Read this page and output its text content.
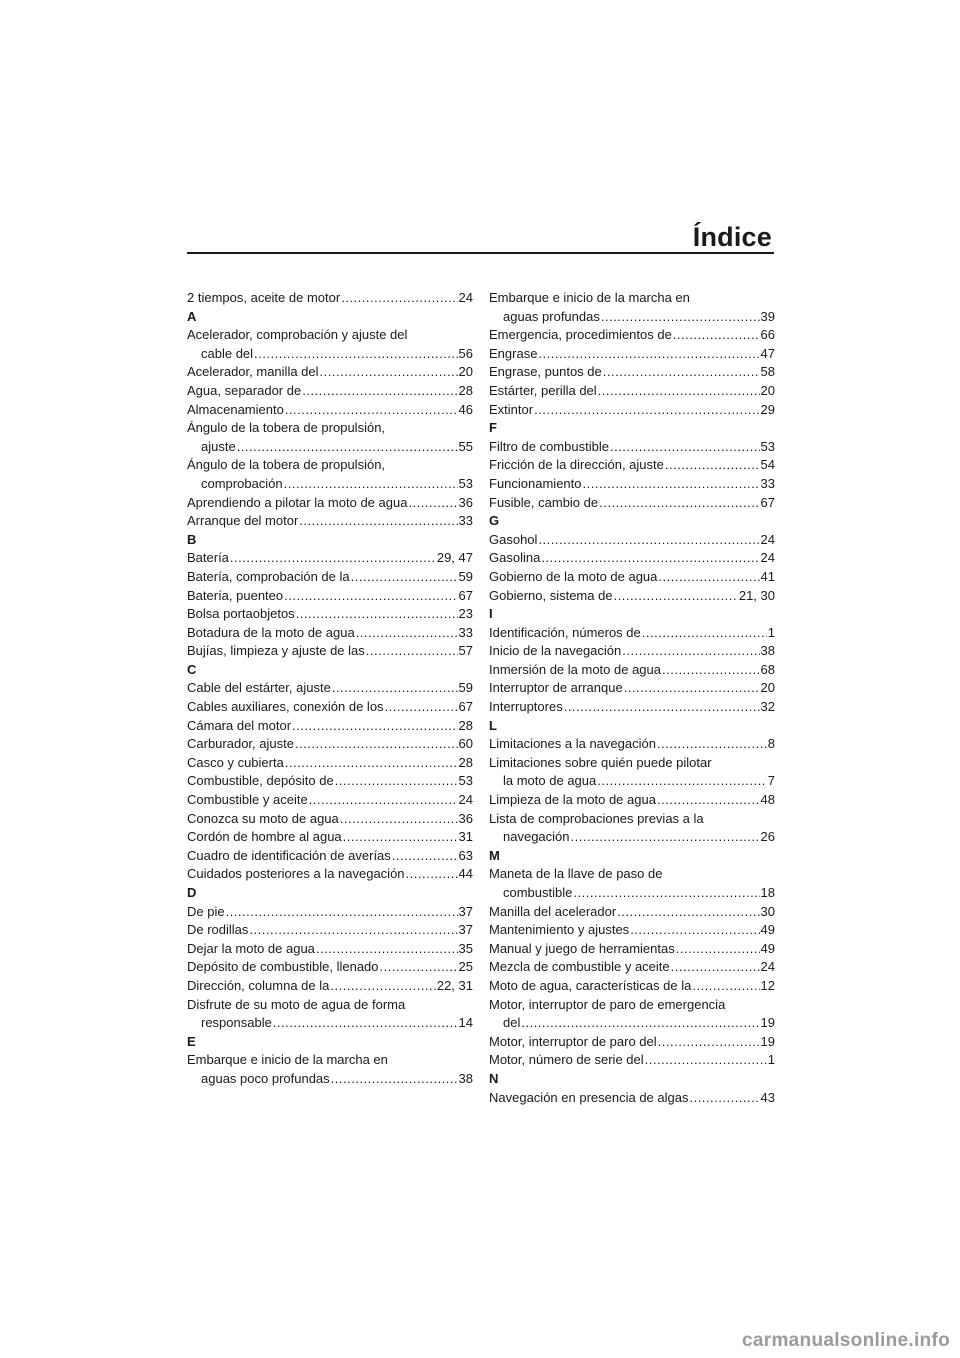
Índice
2 tiempos, aceite de motor .....	24
A
Acelerador, comprobación y ajuste del
cable del .....	56
Acelerador, manilla del .....	20
Agua, separador de .....	28
Almacenamiento .....	46
Ángulo de la tobera de propulsión,
ajuste .....	55
Ángulo de la tobera de propulsión,
comprobación .....	53
Aprendiendo a pilotar la moto de agua .....	36
Arranque del motor .....	33
B
Batería .....	29, 47
Batería, comprobación de la .....	59
Batería, puenteo .....	67
Bolsa portaobjetos .....	23
Botadura de la moto de agua .....	33
Bujías, limpieza y ajuste de las .....	57
C
Cable del estárter, ajuste .....	59
Cables auxiliares, conexión de los .....	67
Cámara del motor .....	28
Carburador, ajuste .....	60
Casco y cubierta .....	28
Combustible, depósito de .....	53
Combustible y aceite .....	24
Conozca su moto de agua .....	36
Cordón de hombre al agua .....	31
Cuadro de identificación de averías .....	63
Cuidados posteriores a la navegación .....	44
D
De pie .....	37
De rodillas .....	37
Dejar la moto de agua .....	35
Depósito de combustible, llenado .....	25
Dirección, columna de la .....	22, 31
Disfrute de su moto de agua de forma
responsable .....	14
E
Embarque e inicio de la marcha en
aguas poco profundas .....	38
Embarque e inicio de la marcha en
aguas profundas .....	39
Emergencia, procedimientos de .....	66
Engrase .....	47
Engrase, puntos de .....	58
Estárter, perilla del .....	20
Extintor .....	29
F
Filtro de combustible .....	53
Fricción de la dirección, ajuste .....	54
Funcionamiento .....	33
Fusible, cambio de .....	67
G
Gasohol .....	24
Gasolina .....	24
Gobierno de la moto de agua .....	41
Gobierno, sistema de .....	21, 30
I
Identificación, números de .....	1
Inicio de la navegación .....	38
Inmersión de la moto de agua .....	68
Interruptor de arranque .....	20
Interruptores .....	32
L
Limitaciones a la navegación .....	8
Limitaciones sobre quién puede pilotar
la moto de agua .....	7
Limpieza de la moto de agua .....	48
Lista de comprobaciones previas a la
navegación .....	26
M
Maneta de la llave de paso de
combustible .....	18
Manilla del acelerador .....	30
Mantenimiento y ajustes .....	49
Manual y juego de herramientas .....	49
Mezcla de combustible y aceite .....	24
Moto de agua, características de la .....	12
Motor, interruptor de paro de emergencia
del .....	19
Motor, interruptor de paro del .....	19
Motor, número de serie del .....	1
N
Navegación en presencia de algas .....	43
carmanualsonline.info
